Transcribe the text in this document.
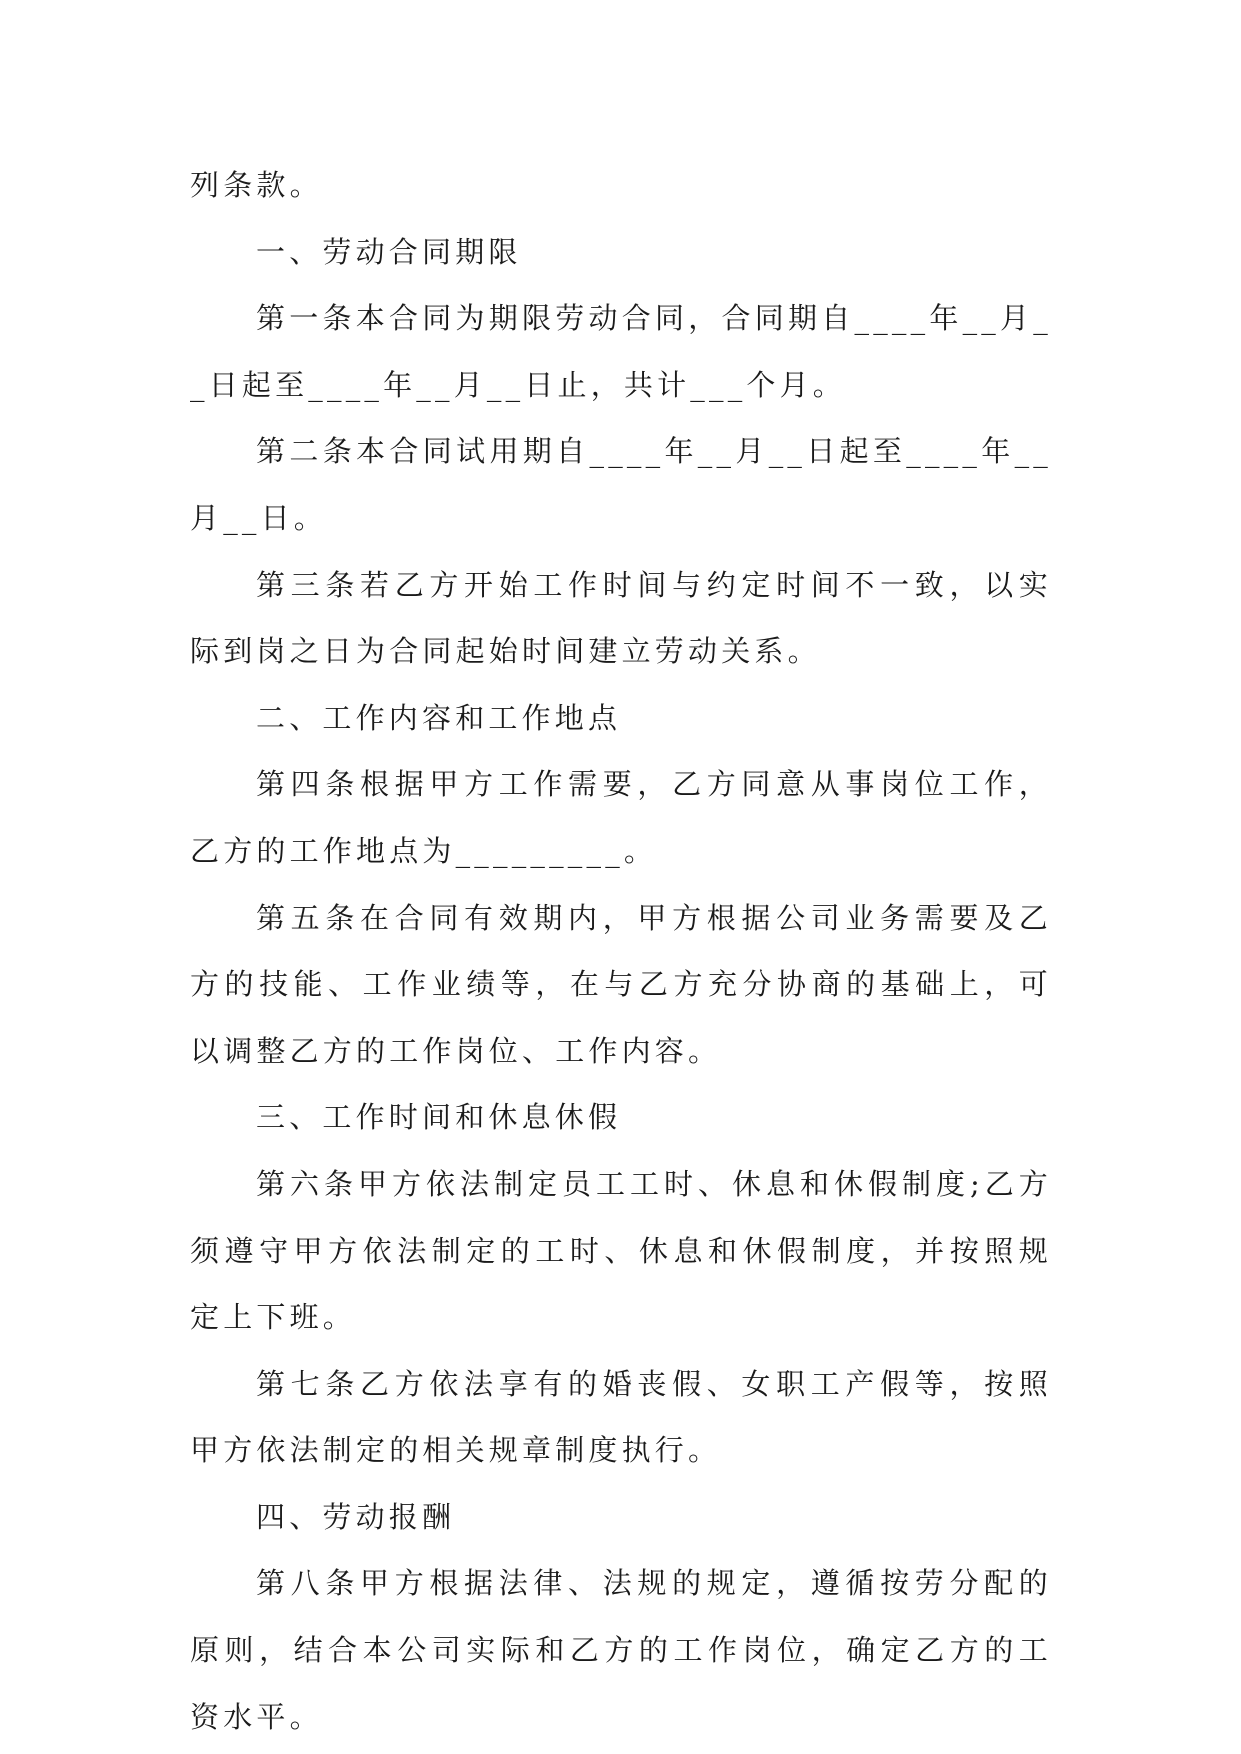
列条款。

一、劳动合同期限

第一条本合同为期限劳动合同，合同期自____年__月__日起至____年__月__日止，共计___个月。

第二条本合同试用期自____年__月__日起至____年__月__日。

第三条若乙方开始工作时间与约定时间不一致，以实际到岗之日为合同起始时间建立劳动关系。

二、工作内容和工作地点

第四条根据甲方工作需要，乙方同意从事岗位工作，乙方的工作地点为_________。

第五条在合同有效期内，甲方根据公司业务需要及乙方的技能、工作业绩等，在与乙方充分协商的基础上，可以调整乙方的工作岗位、工作内容。

三、工作时间和休息休假

第六条甲方依法制定员工工时、休息和休假制度;乙方须遵守甲方依法制定的工时、休息和休假制度，并按照规定上下班。

第七条乙方依法享有的婚丧假、女职工产假等，按照甲方依法制定的相关规章制度执行。

四、劳动报酬

第八条甲方根据法律、法规的规定，遵循按劳分配的原则，结合本公司实际和乙方的工作岗位，确定乙方的工资水平。
